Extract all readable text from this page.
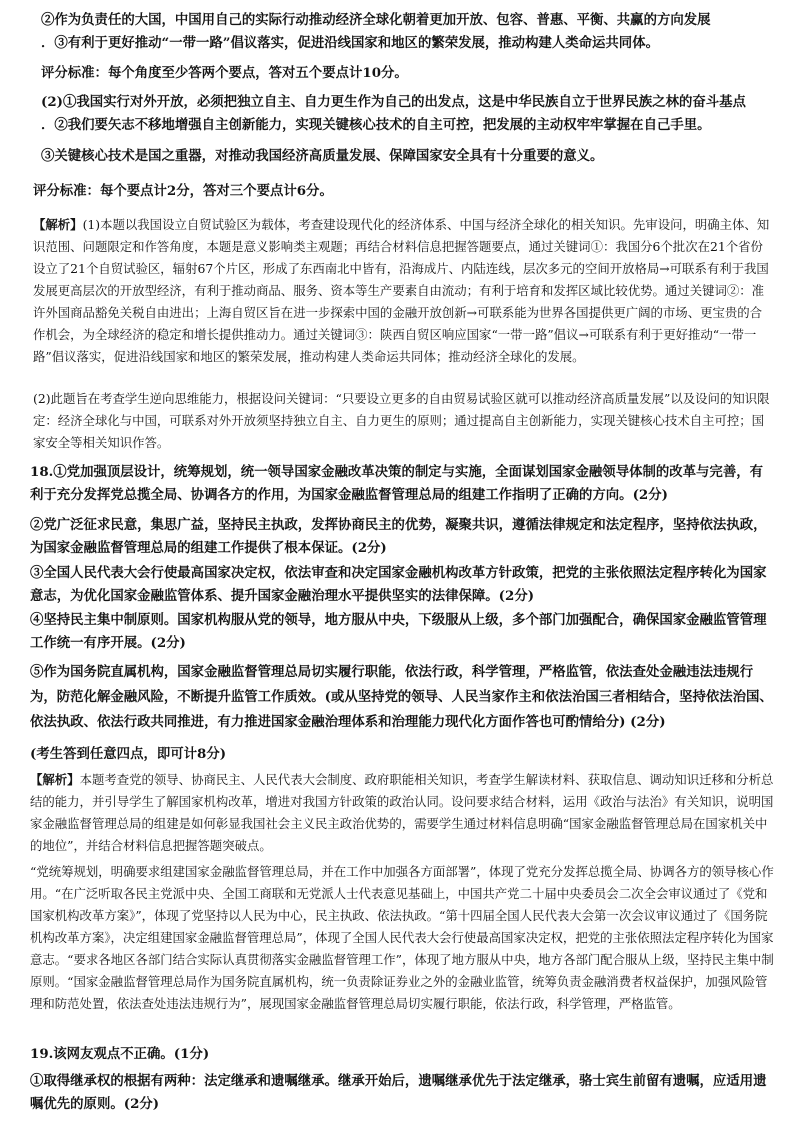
②作为负责任的大国，中国用自己的实际行动推动经济全球化朝着更加开放、包容、普惠、平衡、共赢的方向发展

．③有利于更好推动“一带一路”倡议落实，促进沿线国家和地区的繁荣发展，推动构建人类命运共同体。

评分标准：每个角度至少答两个要点，答对五个要点计10分。

(2)①我国实行对外开放，必须把独立自主、自力更生作为自己的出发点，这是中华民族自立于世界民族之林的奋斗基点

．②我们要矢志不移地增强自主创新能力，实现关键核心技术的自主可控，把发展的主动权牢牢掌握在自己手里。

③关键核心技术是国之重器，对推动我国经济高质量发展、保障国家安全具有十分重要的意义。

评分标准：每个要点计2分，答对三个要点计6分。

【解析】(1)本题以我国设立自贸试验区为载体，考查建设现代化的经济体系、中国与经济全球化的相关知识。先审设问，明确主体、知识范围、问题限定和作答角度，本题是意义影响类主观题；再结合材料信息把握答题要点，通过关键词①：我国分6个批次在21个省份设立了21个自贸试验区，辐射67个片区，形成了东西南北中皆有，沿海成片、内陆连线，层次多元的空间开放格局→可联系有利于我国发展更高层次的开放型经济，有利于推动商品、服务、资本等生产要素自由流动；有利于培育和发挥区域比较优势。通过关键词②：准许外国商品豁免关税自由进出；上海自贸区旨在进一步探索中国的金融开放创新→可联系能为世界各国提供更广阔的市场、更宝贵的合作机会，为全球经济的稳定和增长提供推动力。通过关键词③：陕西自贸区响应国家“一带一路”倡议→可联系有利于更好推动“一带一路”倡议落实，促进沿线国家和地区的繁荣发展，推动构建人类命运共同体；推动经济全球化的发展。

(2)此题旨在考查学生逆向思维能力，根据设问关键词：“只要设立更多的自由贸易试验区就可以推动经济高质量发展”以及设问的知识限定：经济全球化与中国，可联系对外开放须坚持独立自主、自力更生的原则；通过提高自主创新能力，实现关键核心技术自主可控；国家安全等相关知识作答。

18.①党加强顶层设计，统筹规划，统一领导国家金融改革决策的制定与实施，全面谋划国家金融领导体制的改革与完善，有利于充分发挥党总揽全局、协调各方的作用，为国家金融监督管理总局的组建工作指明了正确的方向。(2分)

②党广泛征求民意，集思广益，坚持民主执政，发挥协商民主的优势，凝聚共识，遵循法律规定和法定程序，坚持依法执政，为国家金融监督管理总局的组建工作提供了根本保证。(2分)

③全国人民代表大会行使最高国家决定权，依法审查和决定国家金融机构改革方针政策，把党的主张依照法定程序转化为国家意志，为优化国家金融监管体系、提升国家金融治理水平提供坚实的法律保障。(2分)

④坚持民主集中制原则。国家机构服从党的领导，地方服从中央，下级服从上级，多个部门加强配合，确保国家金融监管管理工作统一有序开展。(2分)

⑤作为国务院直属机构，国家金融监督管理总局切实履行职能，依法行政，科学管理，严格监管，依法查处金融违法违规行为，防范化解金融风险，不断提升监管工作质效。(或从坚持党的领导、人民当家作主和依法治国三者相结合，坚持依法治国、依法执政、依法行政共同推进，有力推进国家金融治理体系和治理能力现代化方面作答也可酌情给分) (2分)

(考生答到任意四点，即可计8分)

【解析】本题考查党的领导、协商民主、人民代表大会制度、政府职能相关知识，考查学生解读材料、获取信息、调动知识迁移和分析总结的能力，并引导学生了解国家机构改革，增进对我国方针政策的政治认同。设问要求结合材料，运用《政治与法治》有关知识，说明国家金融监督管理总局的组建是如何彰显我国社会主义民主政治优势的，需要学生通过材料信息明确“国家金融监督管理总局在国家机关中的地位”，并结合材料信息把握答题突破点。

“党统筹规划，明确要求组建国家金融监督管理总局，并在工作中加强各方面部署”，体现了党充分发挥总揽全局、协调各方的领导核心作用。“在广泛听取各民主党派中央、全国工商联和无党派人士代表意见基础上，中国共产党二十届中央委员会二次全会审议通过了《党和国家机构改革方案》”，体现了党坚持以人民为中心，民主执政、依法执政。“第十四届全国人民代表大会第一次会议审议通过了《国务院机构改革方案》，决定组建国家金融监督管理总局”，体现了全国人民代表大会行使最高国家决定权，把党的主张依照法定程序转化为国家意志。“要求各地区各部门结合实际认真贯彻落实金融监督管理工作”，体现了地方服从中央，地方各部门配合服从上级，坚持民主集中制原则。“国家金融监督管理总局作为国务院直属机构，统一负责除证券业之外的金融业监管，统筹负责金融消费者权益保护，加强风险管理和防范处置，依法查处违法违规行为”，展现国家金融监督管理总局切实履行职能，依法行政，科学管理，严格监管。

19.该网友观点不正确。(1分)

①取得继承权的根据有两种：法定继承和遗嘱继承。继承开始后，遗嘱继承优先于法定继承，骆士宾生前留有遗嘱，应适用遗嘱优先的原则。(2分)
